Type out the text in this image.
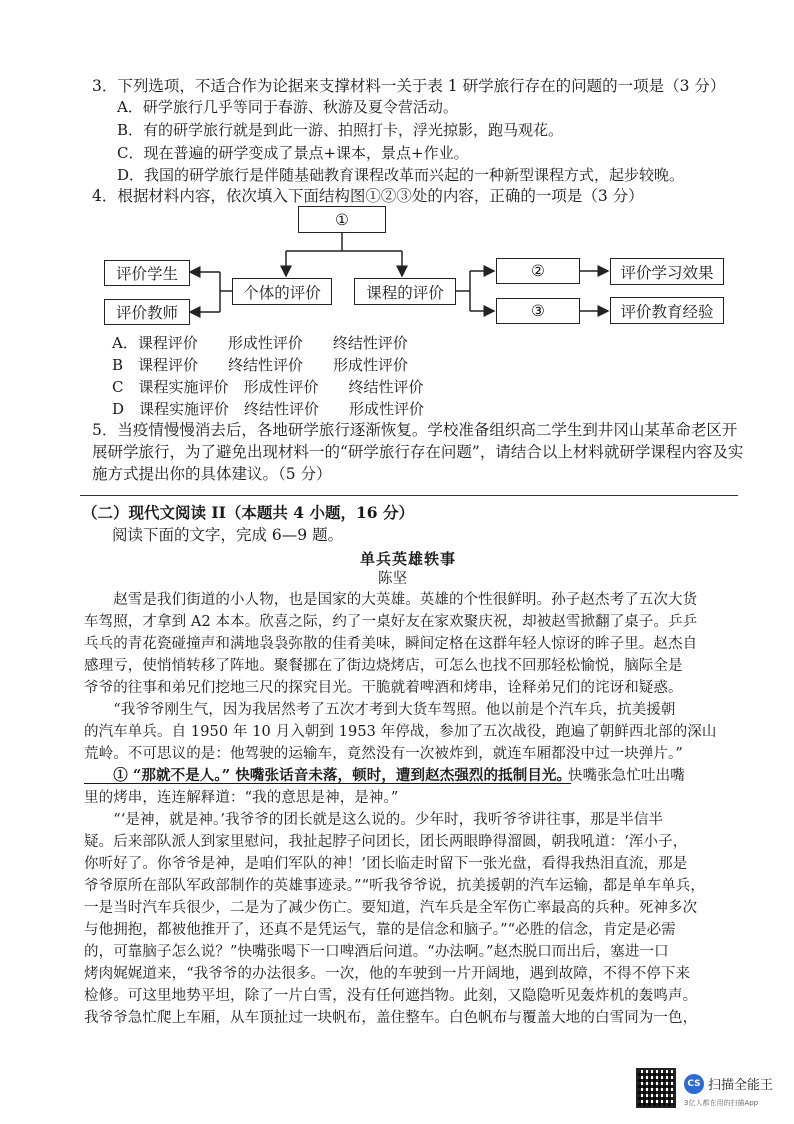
3．下列选项，不适合作为论据来支撑材料一关于表 1 研学旅行存在的问题的一项是（3 分）
A．研学旅行几乎等同于春游、秋游及夏令营活动。
B．有的研学旅行就是到此一游、拍照打卡，浮光掠影，跑马观花。
C．现在普遍的研学变成了景点+课本，景点+作业。
D．我国的研学旅行是伴随基础教育课程改革而兴起的一种新型课程方式，起步较晚。
4．根据材料内容，依次填入下面结构图①②③处的内容，正确的一项是（3 分）
①
评价学生
评价教师
个体的评价	课程的评价
②
③
评价学习效果
评价教育经验
A．课程评价　　形成性评价　　终结性评价
B　课程评价　　终结性评价　　形成性评价
C　课程实施评价　形成性评价　　终结性评价
D　课程实施评价　终结性评价　　形成性评价
5．当疫情慢慢消去后，各地研学旅行逐渐恢复。学校准备组织高二学生到井冈山某革命老区开
展研学旅行，为了避免出现材料一的“研学旅行存在问题”，请结合以上材料就研学课程内容及实
施方式提出你的具体建议。（5 分）
（二）现代文阅读 II（本题共 4 小题，16 分）
阅读下面的文字，完成 6—9 题。
单兵英雄轶事
陈坚
　　赵雪是我们街道的小人物，也是国家的大英雄。英雄的个性很鲜明。孙子赵杰考了五次大货
车驾照，才拿到 A2 本本。欣喜之际，约了一桌好友在家欢聚庆祝，却被赵雪掀翻了桌子。乒乒
乓乓的青花瓷碰撞声和满地袅袅弥散的佳肴美味，瞬间定格在这群年轻人惊讶的眸子里。赵杰自
感理亏，使悄悄转移了阵地。聚餐挪在了街边烧烤店，可怎么也找不回那轻松愉悦，脑际全是
爷爷的往事和弟兄们挖地三尺的探究目光。干脆就着啤酒和烤串，诠释弟兄们的诧讶和疑惑。
　　“我爷爷刚生气，因为我居然考了五次才考到大货车驾照。他以前是个汽车兵，抗美援朝
的汽车单兵。自 1950 年 10 月入朝到 1953 年停战，参加了五次战役，跑遍了朝鲜西北部的深山
荒岭。不可思议的是：他驾驶的运输车，竟然没有一次被炸到，就连车厢都没中过一块弹片。”
　　① “那就不是人。” 快嘴张话音未落，顿时，遭到赵杰强烈的抵制目光。
快嘴张急忙吐出嘴
里的烤串，连连解释道：“我的意思是神，是神。”
　　“‘是神，就是神。’我爷爷的团长就是这么说的。少年时，我听爷爷讲往事，那是半信半
疑。后来部队派人到家里慰问，我扯起脖子问团长，团长两眼睁得溜圆，朝我吼道：‘浑小子，
你听好了。你爷爷是神，是咱们军队的神！’团长临走时留下一张光盘，看得我热泪直流，那是
爷爷原所在部队军政部制作的英雄事迹录。”“听我爷爷说，抗美援朝的汽车运输，都是单车单兵，
一是当时汽车兵很少，二是为了减少伤亡。要知道，汽车兵是全军伤亡率最高的兵种。死神多次
与他拥抱，都被他推开了，还真不是凭运气，靠的是信念和脑子。”“必胜的信念，肯定是必需
的，可靠脑子怎么说？”快嘴张喝下一口啤酒后问道。“办法啊。”赵杰脱口而出后，塞进一口
烤肉娓娓道来，“我爷爷的办法很多。一次，他的车驶到一片开阔地，遇到故障，不得不停下来
检修。可这里地势平坦，除了一片白雪，没有任何遮挡物。此刻，又隐隐听见轰炸机的轰鸣声。
我爷爷急忙爬上车厢，从车顶扯过一块帆布，盖住整车。白色帆布与覆盖大地的白雪同为一色，
CS 扫描全能王
3亿人都在用的扫描App
